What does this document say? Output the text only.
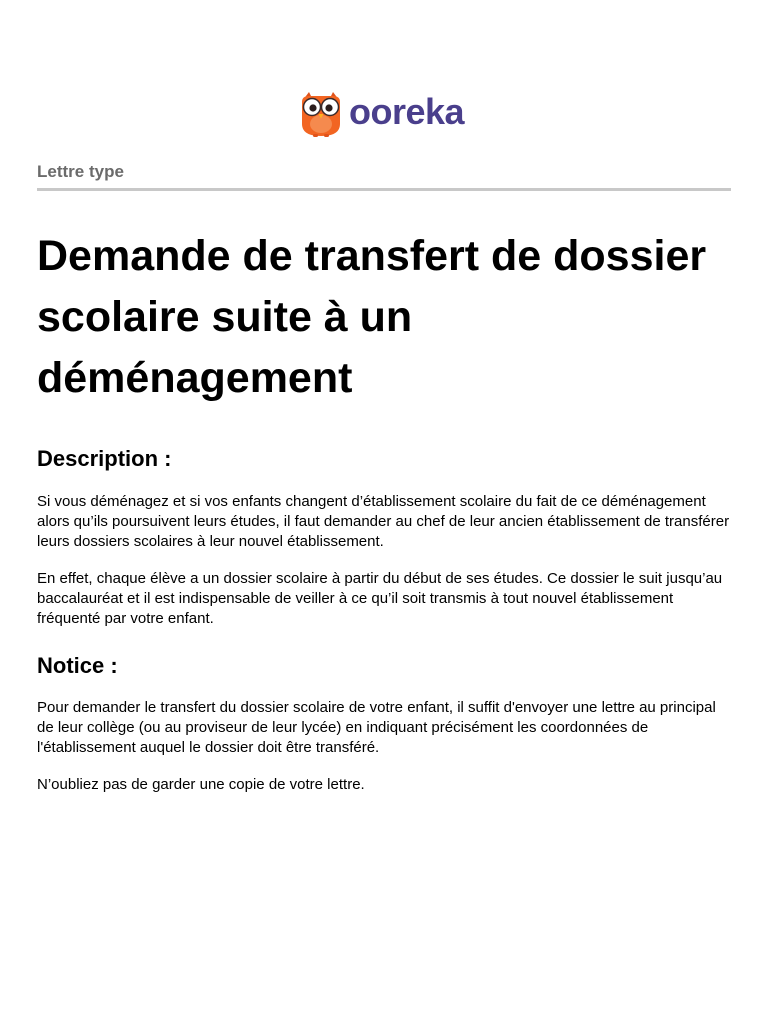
ooreka
Lettre type
Demande de transfert de dossier scolaire suite à un déménagement
Description :

Si vous déménagez et si vos enfants changent d’établissement scolaire du fait de ce déménagement alors qu’ils poursuivent leurs études, il faut demander au chef de leur ancien établissement de transférer leurs dossiers scolaires à leur nouvel établissement.

En effet, chaque élève a un dossier scolaire à partir du début de ses études. Ce dossier le suit jusqu’au baccalauréat et il est indispensable de veiller à ce qu’il soit transmis à tout nouvel établissement fréquenté par votre enfant.

Notice :

Pour demander le transfert du dossier scolaire de votre enfant, il suffit d'envoyer une lettre au principal de leur collège (ou au proviseur de leur lycée) en indiquant précisément les coordonnées de l'établissement auquel le dossier doit être transféré.

N’oubliez pas de garder une copie de votre lettre.
